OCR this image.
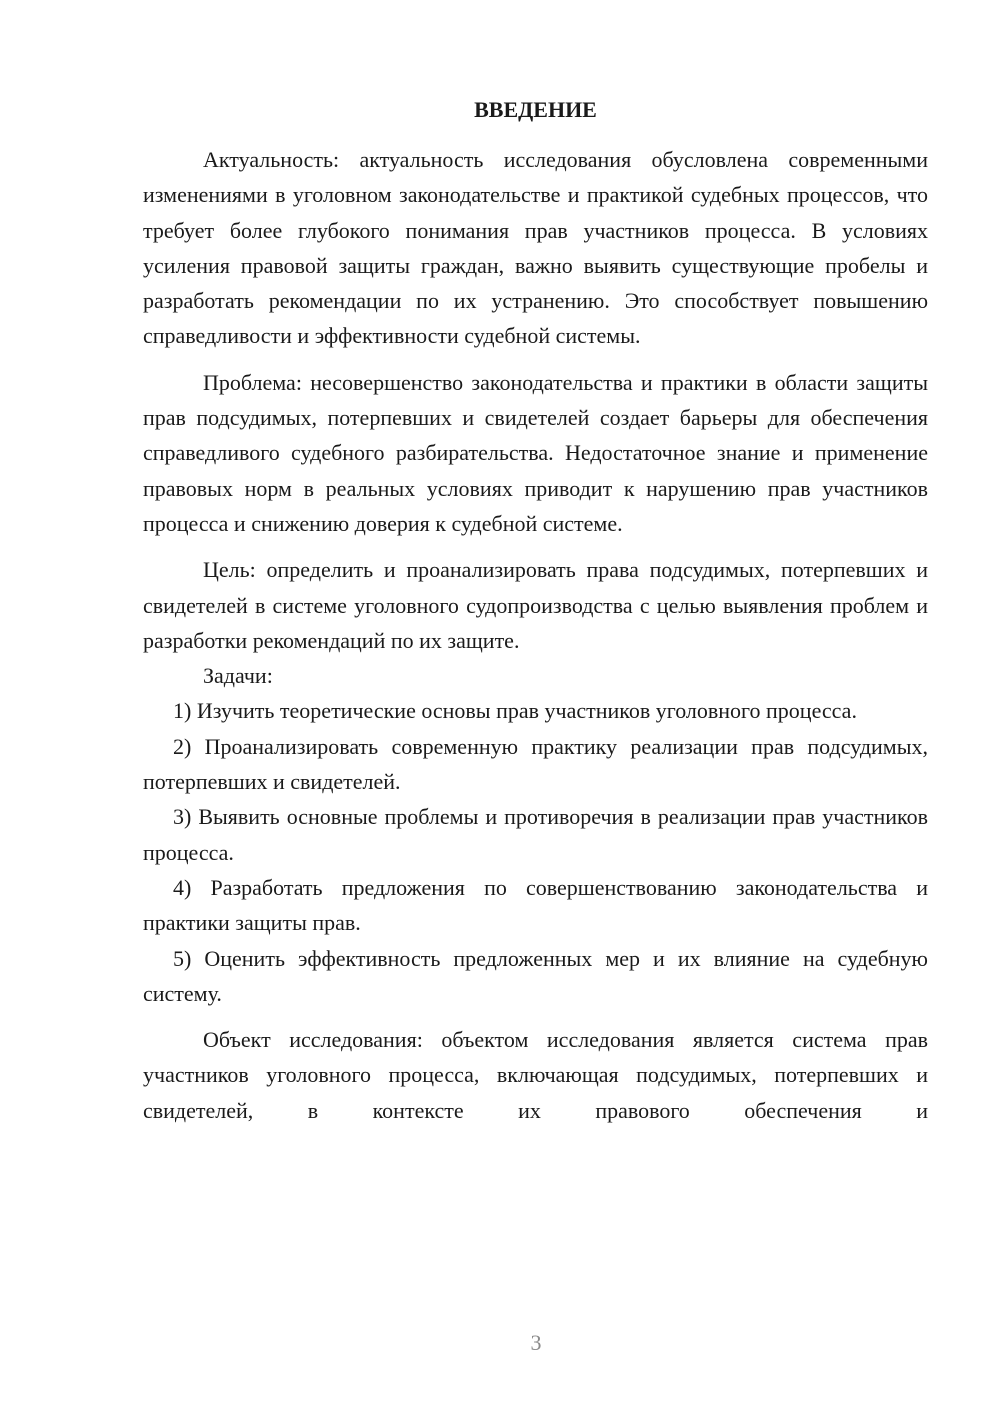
ВВЕДЕНИЕ

Актуальность: актуальность исследования обусловлена современными изменениями в уголовном законодательстве и практикой судебных процессов, что требует более глубокого понимания прав участников процесса. В условиях усиления правовой защиты граждан, важно выявить существующие пробелы и разработать рекомендации по их устранению. Это способствует повышению справедливости и эффективности судебной системы.

Проблема: несовершенство законодательства и практики в области защиты прав подсудимых, потерпевших и свидетелей создает барьеры для обеспечения справедливого судебного разбирательства. Недостаточное знание и применение правовых норм в реальных условиях приводит к нарушению прав участников процесса и снижению доверия к судебной системе.

Цель: определить и проанализировать права подсудимых, потерпевших и свидетелей в системе уголовного судопроизводства с целью выявления проблем и разработки рекомендаций по их защите.

Задачи:

1) Изучить теоретические основы прав участников уголовного процесса.

2) Проанализировать современную практику реализации прав подсудимых, потерпевших и свидетелей.

3) Выявить основные проблемы и противоречия в реализации прав участников процесса.

4) Разработать предложения по совершенствованию законодательства и практики защиты прав.

5) Оценить эффективность предложенных мер и их влияние на судебную систему.

Объект исследования: объектом исследования является система прав участников уголовного процесса, включающая подсудимых, потерпевших и свидетелей, в контексте их правового обеспечения и

3
